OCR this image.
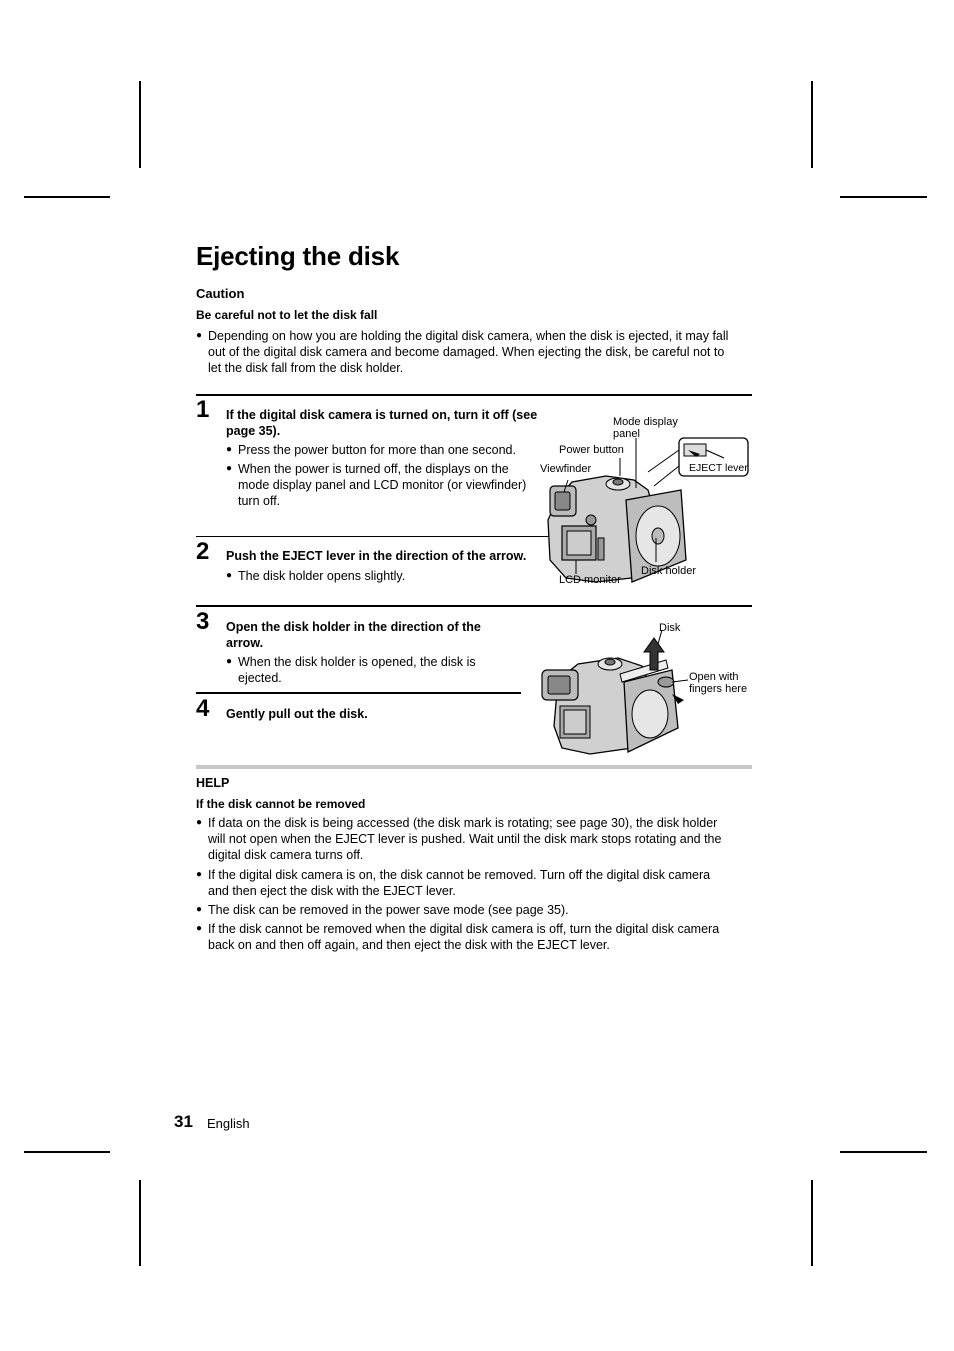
Ejecting the disk
Caution
Be careful not to let the disk fall
● Depending on how you are holding the digital disk camera, when the disk is ejected, it may fall
out of the digital disk camera and become damaged. When ejecting the disk, be careful not to
let the disk fall from the disk holder.
1 If the digital disk camera is turned on, turn it off (see
page 35).
● Press the power button for more than one second.
● When the power is turned off, the displays on the
mode display panel and LCD monitor (or viewfinder)
turn off.
2 Push the EJECT lever in the direction of the arrow.
● The disk holder opens slightly.
Mode display
panel
Power button
Viewfinder	EJECT lever
LCD monitor
Disk holder
3 Open the disk holder in the direction of the
arrow.
● When the disk holder is opened, the disk is
ejected.
4 Gently pull out the disk.
Disk
Open with
fingers here
HELP
If the disk cannot be removed
● If data on the disk is being accessed (the disk mark is rotating; see page 30), the disk holder
will not open when the EJECT lever is pushed. Wait until the disk mark stops rotating and the
digital disk camera turns off.
● If the digital disk camera is on, the disk cannot be removed. Turn off the digital disk camera
and then eject the disk with the EJECT lever.
● The disk can be removed in the power save mode (see page 35).
● If the disk cannot be removed when the digital disk camera is off, turn the digital disk camera
back on and then off again, and then eject the disk with the EJECT lever.
31 English
